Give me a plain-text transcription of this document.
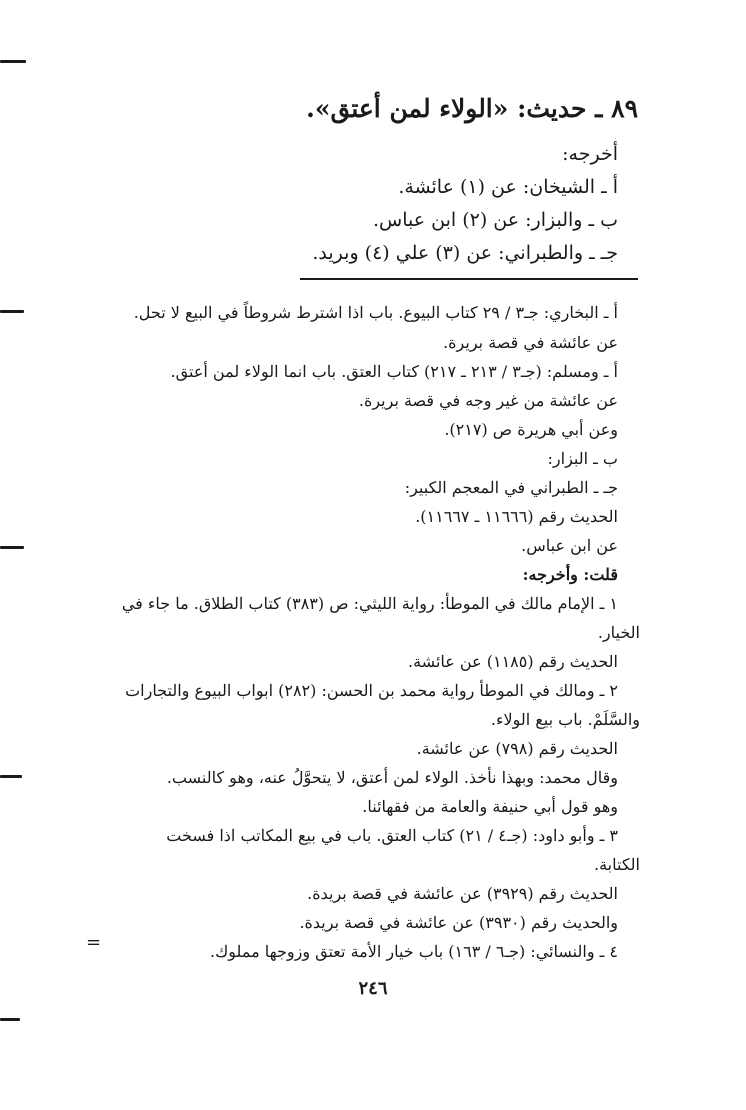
٨٩ ـ حديث: «الولاء لمن أعتق».
أخرجه:
أ ـ الشيخان: عن (١) عائشة.
ب ـ والبزار: عن (٢) ابن عباس.
جـ ـ والطبراني: عن (٣) علي (٤) وبريد.
أ ـ البخاري: جـ٣ / ٢٩ كتاب البيوع. باب اذا اشترط شروطاً في البيع لا تحل.
عن عائشة في قصة بريرة.
أ ـ ومسلم: (جـ٣ / ٢١٣ ـ ٢١٧) كتاب العتق. باب انما الولاء لمن أعتق.
عن عائشة من غير وجه في قصة بريرة.
وعن أبي هريرة ص (٢١٧).
ب ـ البزار:
جـ ـ الطبراني في المعجم الكبير:
الحديث رقم (١١٦٦٦ ـ ١١٦٦٧).
عن ابن عباس.
قلت: وأخرجه:
١ ـ الإمام مالك في الموطأ: رواية الليثي: ص (٣٨٣) كتاب الطلاق. ما جاء في
الخيار.
الحديث رقم (١١٨٥) عن عائشة.
٢ ـ ومالك في الموطأ رواية محمد بن الحسن: (٢٨٢) ابواب البيوع والتجارات
والسَّلَمْ. باب بيع الولاء.
الحديث رقم (٧٩٨) عن عائشة.
وقال محمد: وبهذا نأخذ. الولاء لمن أعتق، لا يتحوَّلُ عنه، وهو كالنسب.
وهو قول أبي حنيفة والعامة من فقهائنا.
٣ ـ وأبو داود: (جـ٤ / ٢١) كتاب العتق. باب في بيع المكاتب اذا فسخت
الكتابة.
الحديث رقم (٣٩٢٩) عن عائشة في قصة بريدة.
والحديث رقم (٣٩٣٠) عن عائشة في قصة بريدة.
٤ ـ والنسائي: (جـ٦ / ١٦٣) باب خيار الأمة تعتق وزوجها مملوك.
=
٢٤٦
